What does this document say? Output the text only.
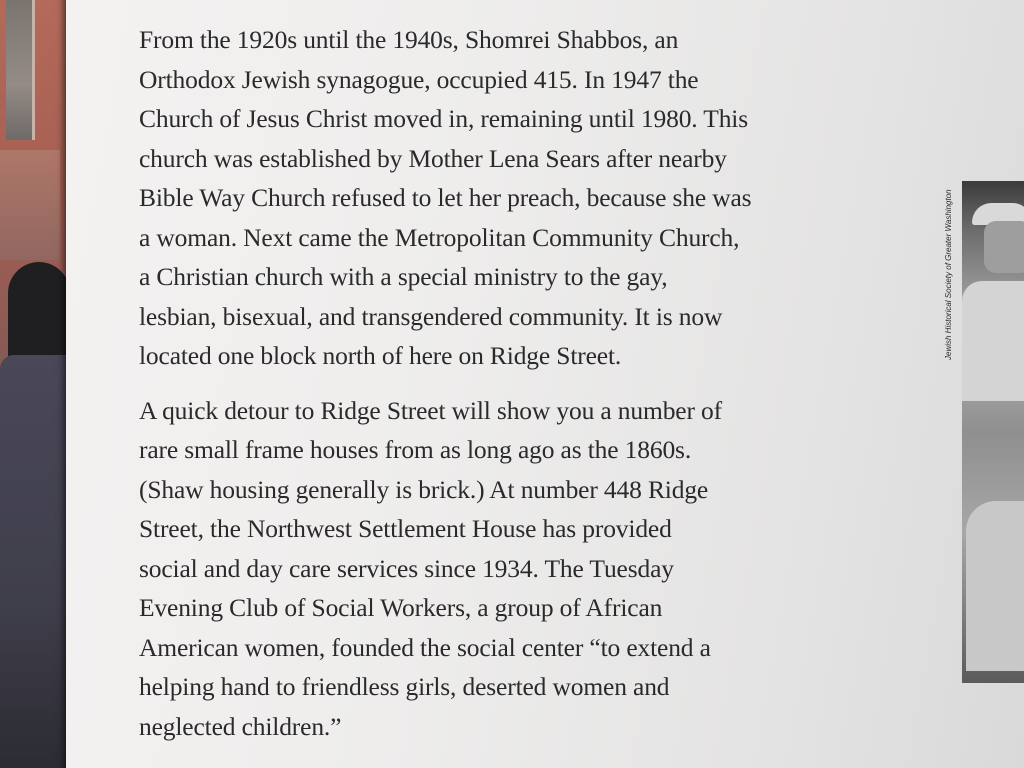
From the 1920s until the 1940s, Shomrei Shabbos, an
Orthodox Jewish synagogue, occupied 415. In 1947 the
Church of Jesus Christ moved in, remaining until 1980. This
church was established by Mother Lena Sears after nearby
Bible Way Church refused to let her preach, because she was
a woman. Next came the Metropolitan Community Church,
a Christian church with a special ministry to the gay,
lesbian, bisexual, and transgendered community. It is now
located one block north of here on Ridge Street.

A quick detour to Ridge Street will show you a number of
rare small frame houses from as long ago as the 1860s.
(Shaw housing generally is brick.) At number 448 Ridge
Street, the Northwest Settlement House has provided
social and day care services since 1934. The Tuesday
Evening Club of Social Workers, a group of African
American women, founded the social center “to extend a
helping hand to friendless girls, deserted women and
neglected children.”

Jewish Historical Society of Greater Washington
